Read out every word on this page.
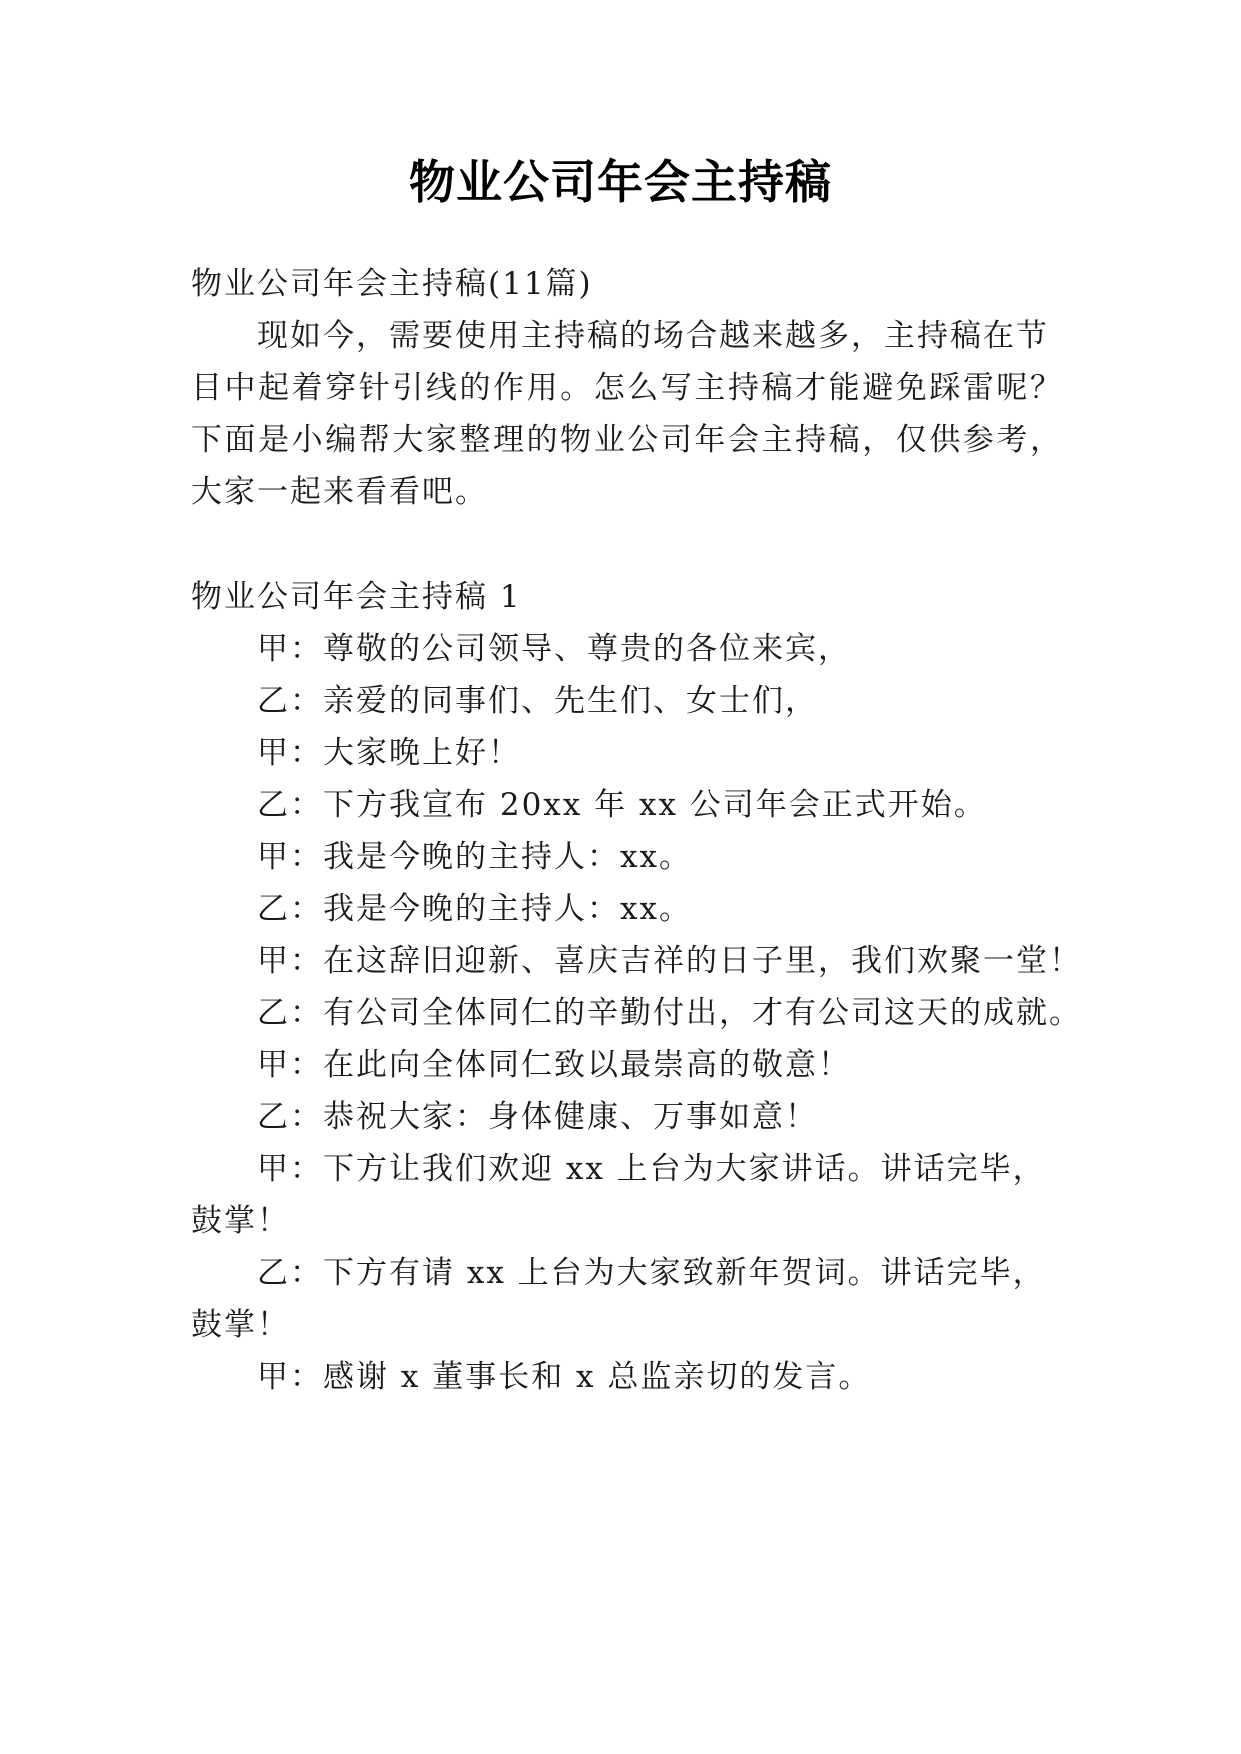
物业公司年会主持稿

物业公司年会主持稿(11篇)

现如今，需要使用主持稿的场合越来越多，主持稿在节

目中起着穿针引线的作用。怎么写主持稿才能避免踩雷呢？

下面是小编帮大家整理的物业公司年会主持稿，仅供参考，

大家一起来看看吧。

物业公司年会主持稿 1

甲：尊敬的公司领导、尊贵的各位来宾，

乙：亲爱的同事们、先生们、女士们，

甲：大家晚上好！

乙：下方我宣布 20xx 年 xx 公司年会正式开始。

甲：我是今晚的主持人：xx。

乙：我是今晚的主持人：xx。

甲：在这辞旧迎新、喜庆吉祥的日子里，我们欢聚一堂！

乙：有公司全体同仁的辛勤付出，才有公司这天的成就。

甲：在此向全体同仁致以最崇高的敬意！

乙：恭祝大家：身体健康、万事如意！

甲：下方让我们欢迎 xx 上台为大家讲话。讲话完毕，

鼓掌！

乙：下方有请 xx 上台为大家致新年贺词。讲话完毕，

鼓掌！

甲：感谢 x 董事长和 x 总监亲切的发言。
